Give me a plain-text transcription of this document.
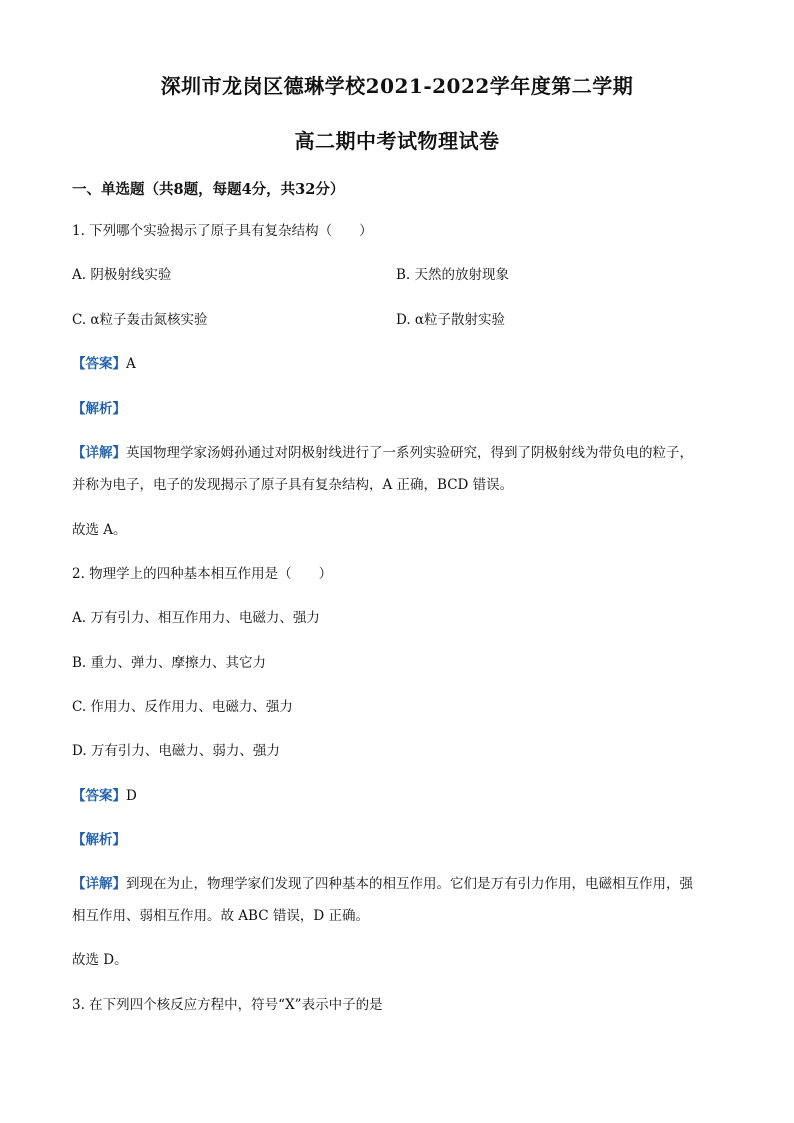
深圳市龙岗区德琳学校2021-2022学年度第二学期
高二期中考试物理试卷
一、单选题（共8题，每题4分，共32分）
1. 下列哪个实验揭示了原子具有复杂结构（　　）
A. 阴极射线实验	B. 天然的放射现象
C. α粒子轰击氮核实验	D. α粒子散射实验
【答案】A
【解析】
【详解】英国物理学家汤姆孙通过对阴极射线进行了一系列实验研究，得到了阴极射线为带负电的粒子，
并称为电子，电子的发现揭示了原子具有复杂结构，A 正确，BCD 错误。
故选 A。
2. 物理学上的四种基本相互作用是（　　）
A. 万有引力、相互作用力、电磁力、强力
B. 重力、弹力、摩擦力、其它力
C. 作用力、反作用力、电磁力、强力
D. 万有引力、电磁力、弱力、强力
【答案】D
【解析】
【详解】到现在为止，物理学家们发现了四种基本的相互作用。它们是万有引力作用，电磁相互作用，强
相互作用、弱相互作用。故 ABC 错误，D 正确。
故选 D。
3. 在下列四个核反应方程中，符号“X”表示中子的是
